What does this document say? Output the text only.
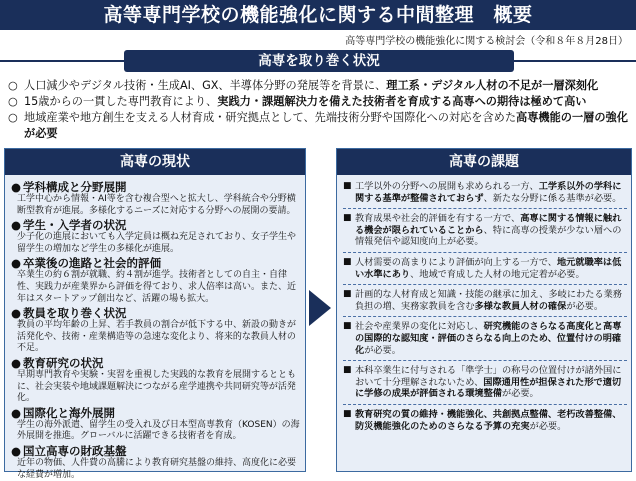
高等専門学校の機能強化に関する中間整理　概要
高等専門学校の機能強化に関する検討会（令和８年８月28日）
高専を取り巻く状況
○ 人口減少やデジタル技術・生成AI、GX、半導体分野の発展等を背景に、理工系・デジタル人材の不足が一層深刻化
○ 15歳からの一貫した専門教育により、実践力・課題解決力を備えた技術者を育成する高専への期待は極めて高い
○ 地域産業や地方創生を支える人材育成・研究拠点として、先端技術分野や国際化への対応を含めた高専機能の一層の強化が必要
高専の現状
● 学科構成と分野展開
工学中心から情報・AI等を含む複合型へと拡大し、学科統合や分野横断型教育が進展。多様化するニーズに対応する分野への展開の要請。
● 学生・入学者の状況
少子化の進展においても入学定員は概ね充足されており、女子学生や留学生の増加など学生の多様化が進展。
● 卒業後の進路と社会的評価
卒業生の約６割が就職、約４割が進学。技術者としての自主・自律性、実践力が産業界から評価を得ており、求人倍率は高い。また、近年はスタートアップ創出など、活躍の場も拡大。
● 教員を取り巻く状況
教員の平均年齢の上昇、若手教員の割合が低下する中、新設の動きが活発化や、技術・産業構造等の急速な変化より、将来的な教員人材の不足。
● 教育研究の状況
早期専門教育や実験・実習を重視した実践的な教育を展開するとともに、社会実装や地域課題解決につながる産学連携や共同研究等が活発化。
● 国際化と海外展開
学生の海外派遣、留学生の受入れ及び日本型高専教育（KOSEN）の海外展開を推進。グローバルに活躍できる技術者を育成。
● 国立高専の財政基盤
近年の物価、人件費の高騰により教育研究基盤の維持、高度化に必要な経費が増加。
高専の課題
■ 工学以外の分野への展開も求められる一方、工学系以外の学科に関する基準が整備されておらず、新たな分野に係る基準が必要。
■ 教育成果や社会的評価を有する一方で、高専に関する情報に触れる機会が限られていることから、特に高専の授業が少ない層への情報発信や認知度向上が必要。
■ 人材需要の高まりにより評価が向上する一方で、地元就職率は低い水準にあり、地域で育成した人材の地元定着が必要。
■ 計画的な人材育成と知識・技能の継承に加え、多岐にわたる業務負担の増、実務家教員を含む多様な教員人材の確保が必要。
■ 社会や産業界の変化に対応し、研究機能のさらなる高度化と高専の国際的な認知度・評価のさらなる向上のため、位置付けの明確化が必要。
■ 本科卒業生に付与される「準学士」の称号の位置付けが諸外国において十分理解されないため、国際通用性が担保された形で適切に学修の成果が評価される環境整備が必要。
■ 教育研究の質の維持・機能強化、共創拠点整備、老朽改善整備、防災機能強化のためのさらなる予算の充実が必要。
